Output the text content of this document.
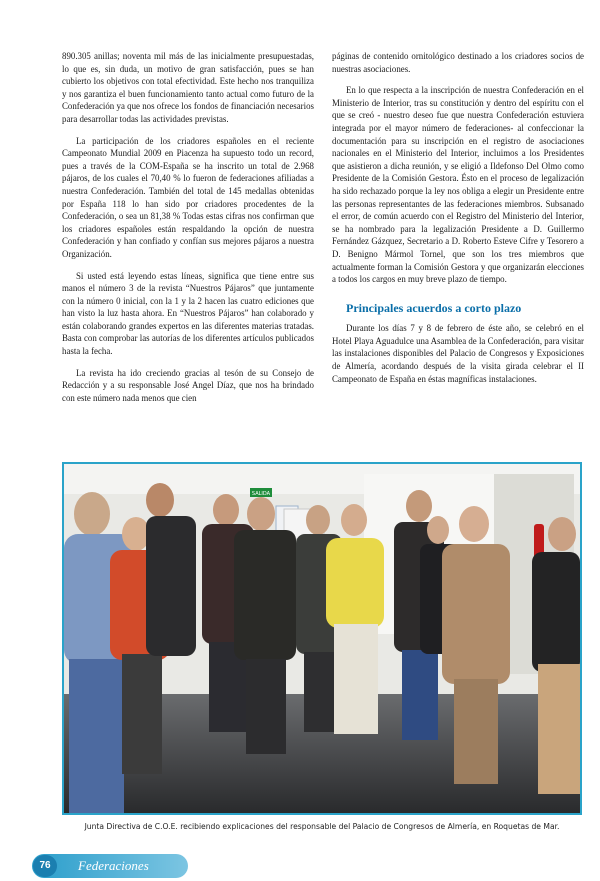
890.305 anillas; noventa mil más de las inicialmente presupuestadas, lo que es, sin duda, un motivo de gran satisfacción, pues se han cubierto los objetivos con total efectividad. Este hecho nos tranquiliza y nos garantiza el buen funcionamiento tanto actual como futuro de la Confederación ya que nos ofrece los fondos de financiación necesarios para desarrollar todas las actividades previstas.

La participación de los criadores españoles en el reciente Campeonato Mundial 2009 en Piacenza ha supuesto todo un record, pues a través de la COM-España se ha inscrito un total de 2.968 pájaros, de los cuales el 70,40 % lo fueron de federaciones afiliadas a nuestra Confederación. También del total de 145 medallas obtenidas por España 118 lo han sido por criadores procedentes de la Confederación, o sea un 81,38 % Todas estas cifras nos confirman que los criadores españoles están respaldando la opción de nuestra Confederación y han confiado y confían sus mejores pájaros a nuestra Organización.

Si usted está leyendo estas líneas, significa que tiene entre sus manos el número 3 de la revista “Nuestros Pájaros” que juntamente con la número 0 inicial, con la 1 y la 2 hacen las cuatro ediciones que han visto la luz hasta ahora. En “Nuestros Pájaros” han colaborado y están colaborando grandes expertos en las diferentes materias tratadas. Basta con comprobar las autorías de los diferentes artículos publicados hasta la fecha.

La revista ha ido creciendo gracias al tesón de su Consejo de Redacción y a su responsable José Angel Díaz, que nos ha brindado con este número nada menos que cien

páginas de contenido ornitológico destinado a los criadores socios de nuestras asociaciones.

En lo que respecta a la inscripción de nuestra Confederación en el Ministerio de Interior, tras su constitución y dentro del espíritu con el que se creó - nuestro deseo fue que nuestra Confederación estuviera integrada por el mayor número de federaciones- al confeccionar la documentación para su inscripción en el registro de asociaciones nacionales en el Ministerio del Interior, incluimos a los Presidentes que asistieron a dicha reunión, y se eligió a Ildefonso Del Olmo como Presidente de la Comisión Gestora. Ésto en el proceso de legalización ha sido rechazado porque la ley nos obliga a elegir un Presidente entre las personas representantes de las federaciones miembros. Subsanado el error, de común acuerdo con el Registro del Ministerio del Interior, se ha nombrado para la legalización Presidente a D. Guillermo Fernández Gázquez, Secretario a D. Roberto Esteve Cifre y Tesorero a D. Benigno Mármol Tornel, que son los tres miembros que actualmente forman la Comisión Gestora y que organizarán elecciones a todos los cargos en muy breve plazo de tiempo.

Principales acuerdos a corto plazo

Durante los días 7 y 8 de febrero de éste año, se celebró en el Hotel Playa Aguadulce una Asamblea de la Confederación, para visitar las instalaciones disponibles del Palacio de Congresos y Exposiciones de Almería, acordando después de la visita girada celebrar el II Campeonato de España en éstas magníficas instalaciones.

SALIDA
Junta Directiva de C.O.E. recibiendo explicaciones del responsable del Palacio de Congresos de Almería, en Roquetas de Mar.
76	Federaciones
